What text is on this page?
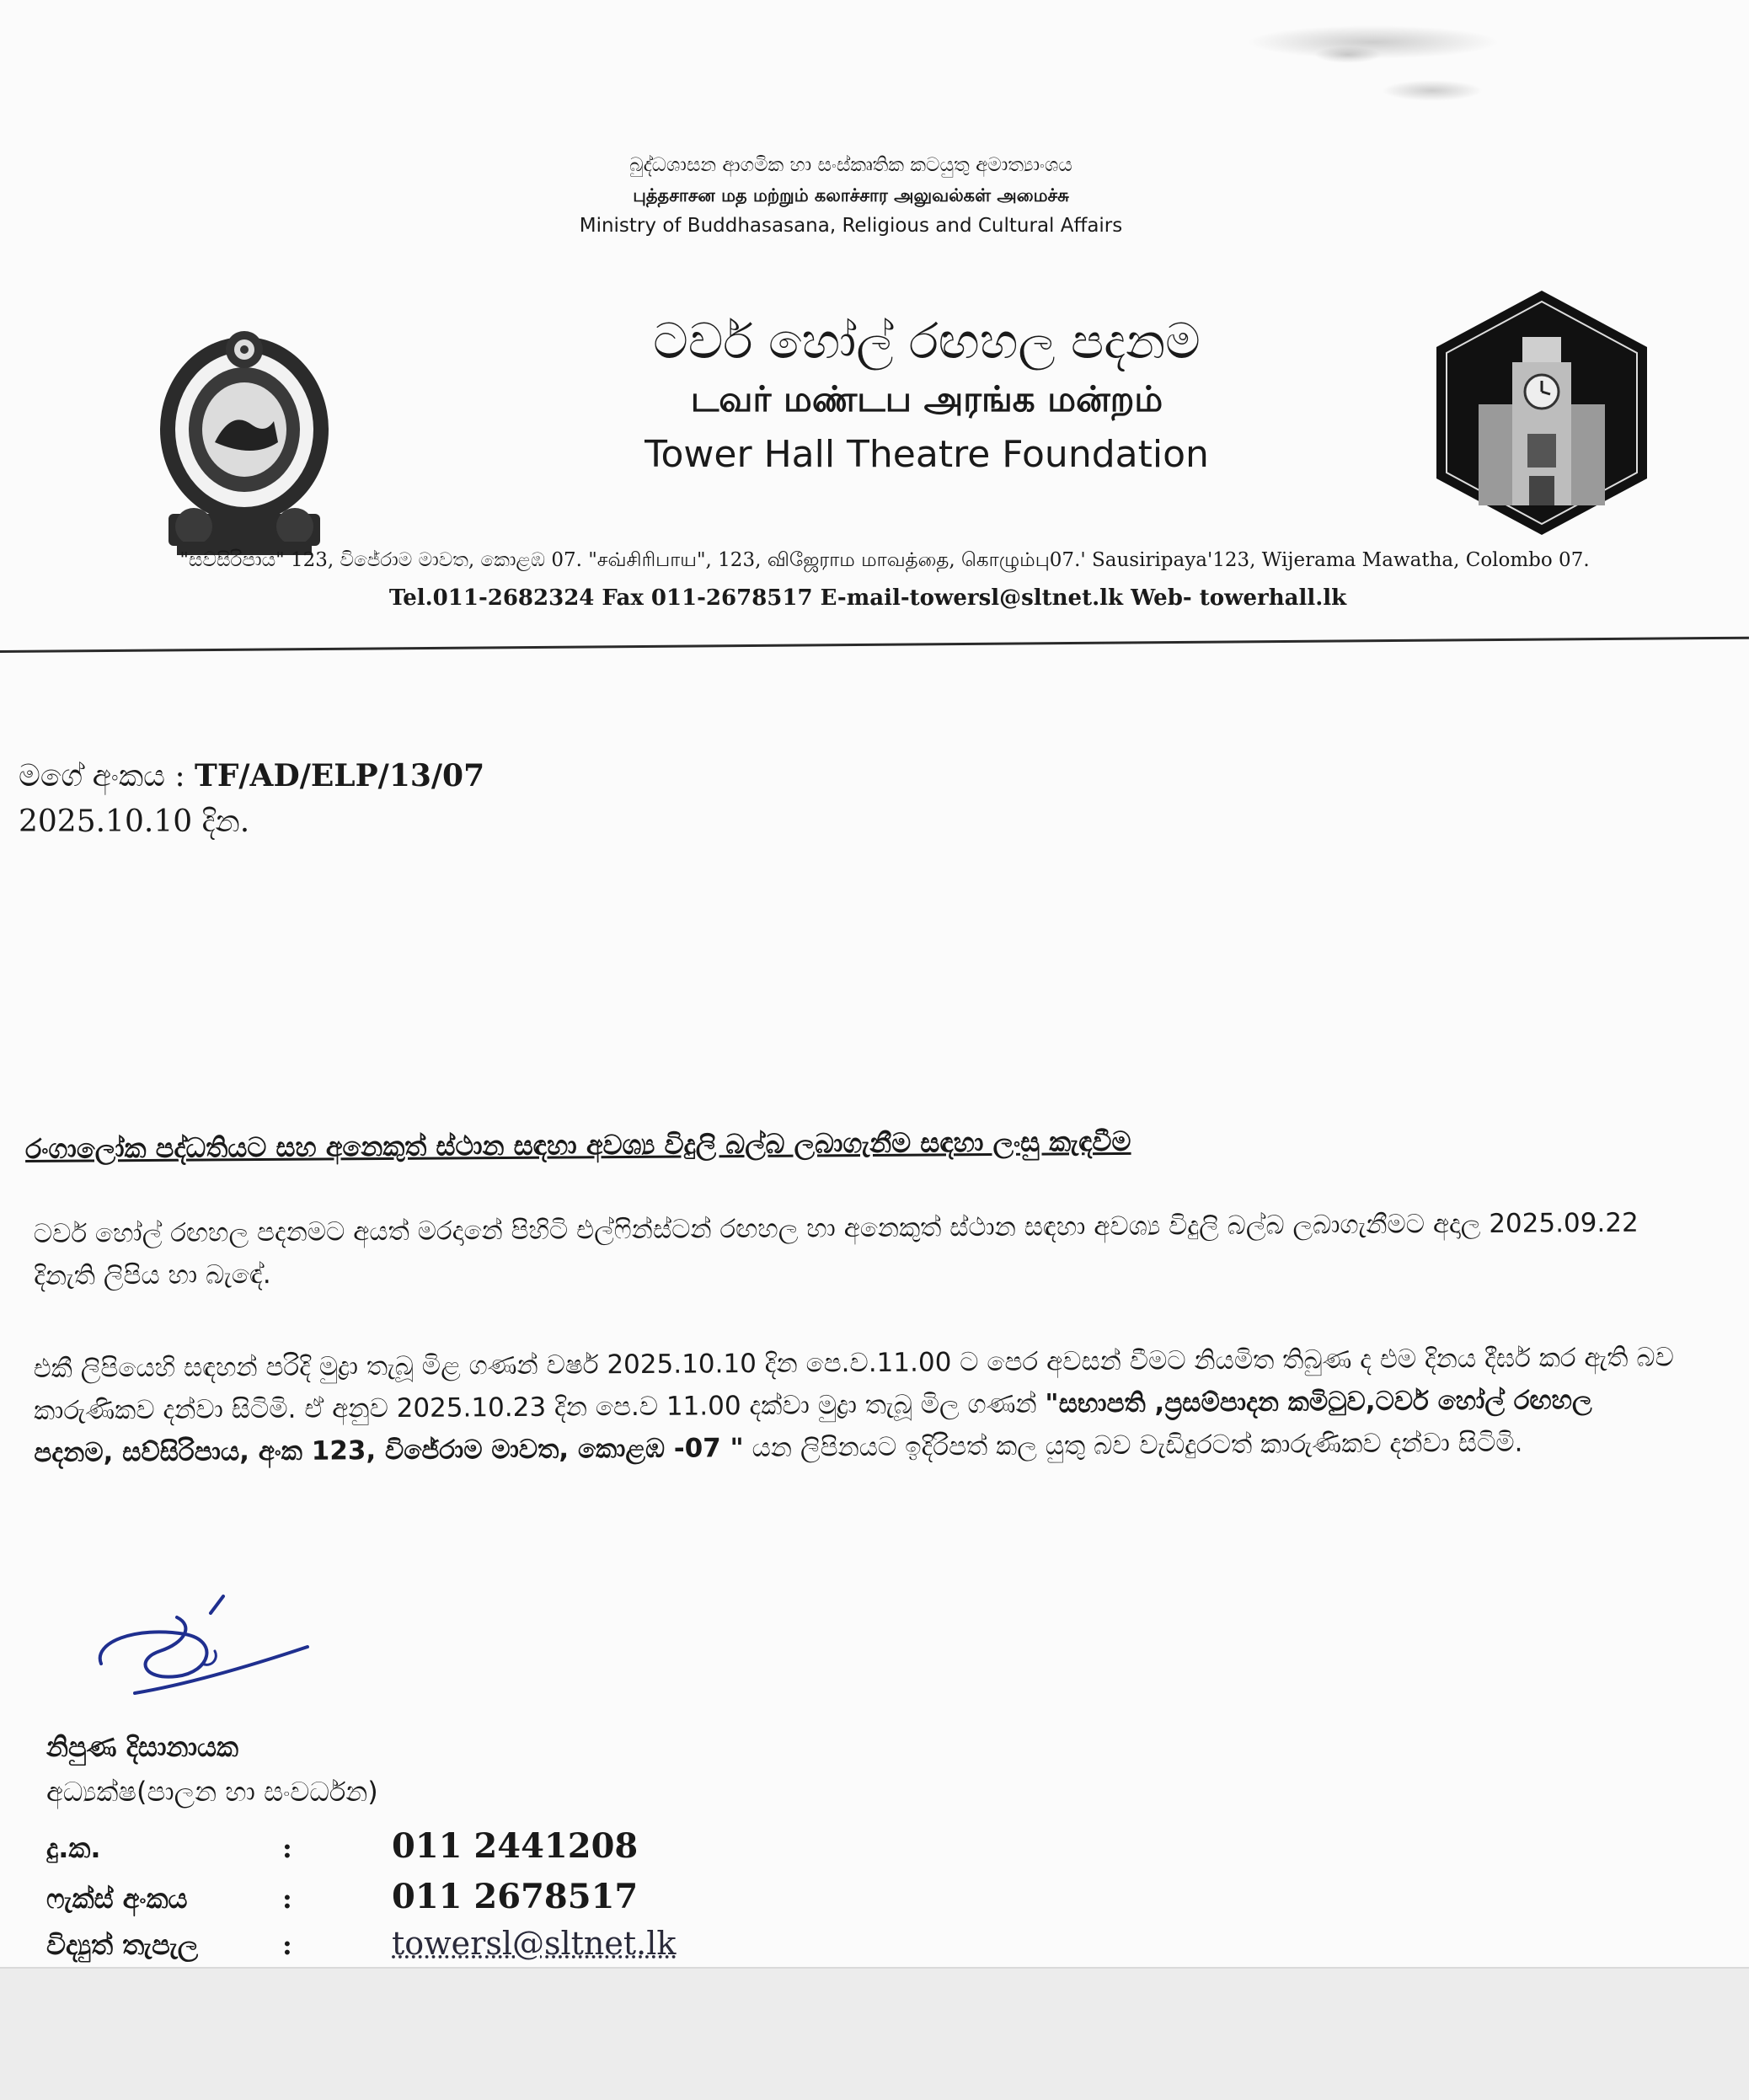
බුද්ධශාසන ආගමික හා සංස්කෘතික කටයුතු අමාත්‍යාංශය
புத்தசாசன மத மற்றும் கலாச்சார அலுவல்கள் அமைச்சு
Ministry of Buddhasasana, Religious and Cultural Affairs
ටවර් හෝල් රඟහල පදනම
டவர் மண்டப அரங்க மன்றம்
Tower Hall Theatre Foundation
"සව්සිරිපාය" 123, විජේරාම මාවත, කොළඹ 07. "சவ்சிரிபாய", 123, விஜேராம மாவத்தை, கொழும்பு07.' Sausiripaya'123, Wijerama Mawatha, Colombo 07.
Tel.011-2682324 Fax 011-2678517 E-mail-towersl@sltnet.lk Web- towerhall.lk
මගේ අංකය : TF/AD/ELP/13/07
2025.10.10 දින.
රංගාලෝක පද්ධතියට සහ අනෙකුත් ස්ථාන සඳහා අවශ්‍ය විදුලි බල්බ ලබාගැනීම සඳහා ලංසු කැඳවීම
ටවර් හෝල් රඟහල පදනමට අයත් මරදානේ පිහිටි එල්ෆින්ස්ටන් රඟහල හා අනෙකුත් ස්ථාන සඳහා අවශ්‍ය විදුලි බල්බ ලබාගැනීමට අදාල 2025.09.22 දිනැති ලිපිය හා බැඳේ.
එකී ලිපියෙහි සඳහන් පරිදි මුද්‍රා තැබූ මිළ ගණන් වර්ෂ 2025.10.10 දින පෙ.ව.11.00 ට පෙර අවසන් වීමට නියමිත තිබුණ ද එම දිනය දීර්ඝ කර ඇති බව කාරුණිකව දන්වා සිටිමි. ඒ අනුව 2025.10.23 දින පෙ.ව 11.00 දක්වා මුද්‍රා තැබූ මිල ගණන් "සභාපති ,ප්‍රසම්පාදන කමිටුව,ටවර් හෝල් රඟහල පදනම, සව්සිරිපාය, අංක 123, විජේරාම මාවත, කොළඹ -07 " යන ලිපිනයට ඉදිරිපත් කල යුතු බව වැඩිදුරටත් කාරුණිකව දන්වා සිටිමි.
නිපුණ දිසානායක
අධ්‍යක්ෂ(පාලන හා සංවර්ධන)
දු.ක.	:	011 2441208
ෆැක්ස් අංකය	:	011 2678517
විද්‍යුත් තැපැල	:	towersl@sltnet.lk
